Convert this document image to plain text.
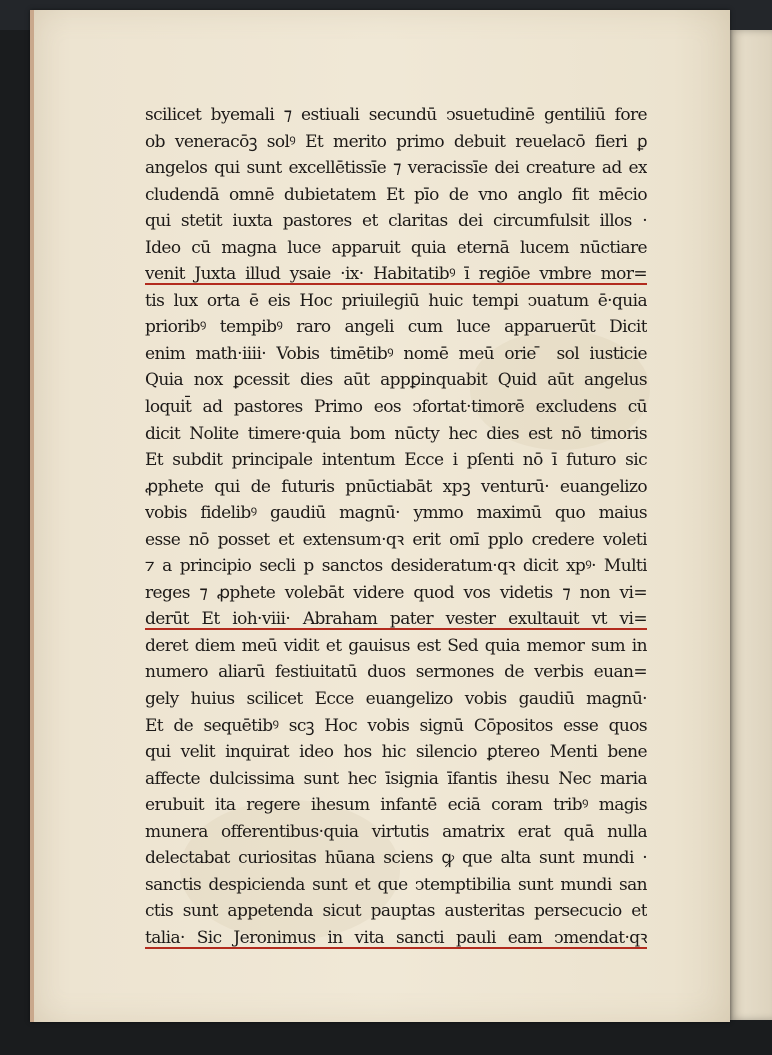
scilicet byemali ⁊ estiuali secundū ↄsuetudinē gentiliū fore
ob veneracōꝫ solꝰ Et merito primo debuit reuelacō fieri ꝑ
angelos qui sunt excellētissīe ⁊ veracissīe dei creature ad ex
cludendā omnē dubietatem Et pīo de vno anglo fit mēcio
qui stetit iuxta pastores et claritas dei circumfulsit illos ·
Ideo cū magna luce apparuit quia eternā lucem nūctiare
venit Juxta illud ysaie ·ix· Habitatibꝰ ī regiōe vmbre mor=
tis lux orta ē eis Hoc priuilegiū huic tempi ↄuatum ē·quia
prioribꝰ tempibꝰ raro angeli cum luce apparuerūt Dicit
enim math·iiii· Vobis timētibꝰ nomē meū orie ̄ sol iusticie
Quia nox ꝑcessit dies aūt appꝑinquabit Quid aūt angelus
loquit̄ ad pastores Primo eos ↄfortat·timorē excludens cū
dicit Nolite timere·quia bom nūcty hec dies est nō timoris
Et subdit principale intentum Ecce i pſenti nō ī futuro sic
ꝓphete qui de futuris pnūctiabāt xpꝫ venturū· euangelizo
vobis fidelibꝰ gaudiū magnū· ymmo maximū quo maius
esse nō posset et extensum·qꝛ erit omī pplo credere voleti
⁊ a principio secli p sanctos desideratum·qꝛ dicit xpꝰ· Multi
reges ⁊ ꝓphete volebāt videre quod vos videtis ⁊ non vi=
derūt Et ioh·viii· Abraham pater vester exultauit vt vi=
deret diem meū vidit et gauisus est Sed quia memor sum in
numero aliarū festiuitatū duos sermones de verbis euan=
gely huius scilicet Ecce euangelizo vobis gaudiū magnū·
Et de sequētibꝰ scꝫ Hoc vobis signū Cōpositos esse quos
qui velit inquirat ideo hos hic silencio ꝑtereo Menti bene
affecte dulcissima sunt hec īsignia īfantis ihesu Nec maria
erubuit ita regere ihesum infantē eciā coram tribꝰ magis
munera offerentibus·quia virtutis amatrix erat quā nulla
delectabat curiositas hūana sciens ꝙ que alta sunt mundi ·
sanctis despicienda sunt et que ↄtemptibilia sunt mundi san
ctis sunt appetenda sicut pauptas austeritas persecucio et
talia· Sic Jeronimus in vita sancti pauli eam ↄmendat·qꝛ
